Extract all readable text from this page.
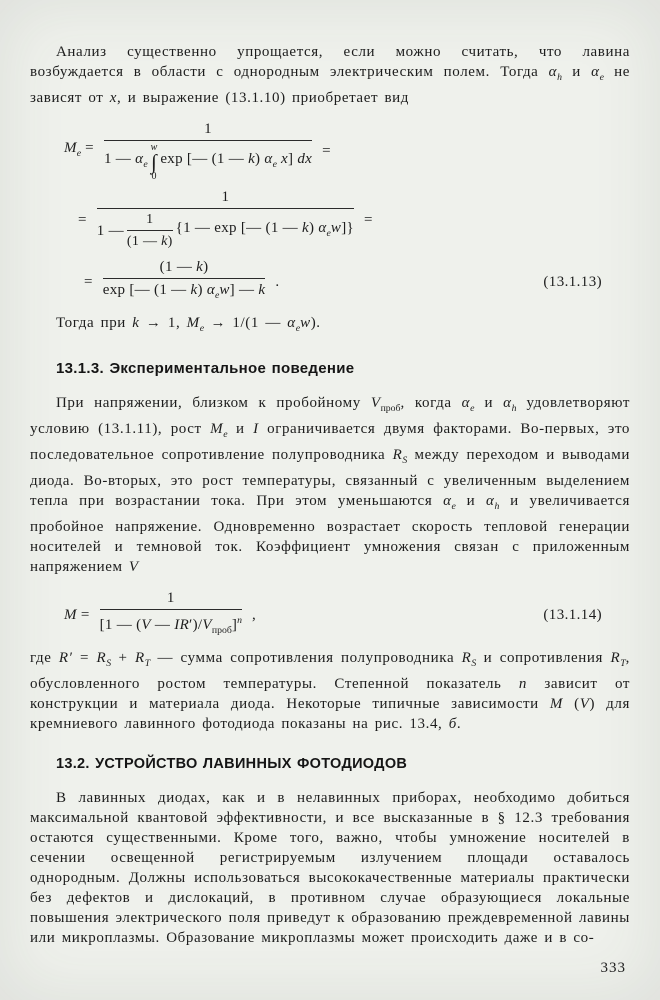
Анализ существенно упрощается, если можно считать, что лавина возбуждается в области с однородным электрическим полем. Тогда $\alpha_h$ и $\alpha_e$ не зависят от x, и выражение (13.1.10) приобретает вид

$M_e$ =
1
1 — $\alpha_e$
w
∫
0
exp [— (1 — k) $\alpha_e$ x] dx
=
=
1
1 — $\frac{1}{(1 — k)} \{1$ — exp [— (1 — k) $\alpha_ew$]}
=
= $\frac{(1 — k)}{\exp [— (1 — k) \alpha_ew] — k}$ .	(13.1.13)

Тогда при k → 1, $M_e \to 1/(1$ — $\alpha_ew$).

13.1.3. Экспериментальное поведение

При напряжении, близком к пробойному $V_{проб}$, когда $\alpha_e$ и $\alpha_h$ удовлетворяют условию (13.1.11), рост $M_e$ и I ограничивается двумя факторами. Во-первых, это последовательное сопротивление полупроводника $R_S$ между переходом и выводами диода. Во-вторых, это рост температуры, связанный с увеличенным выделением тепла при возрастании тока. При этом уменьшаются $\alpha_e$ и $\alpha_h$ и увеличивается пробойное напряжение. Одновременно возрастает скорость тепловой генерации носителей и темновой ток. Коэффициент умножения связан с приложенным напряжением V

$M = \frac{1}{[1 — (V — IR')/V_{проб}]^n}$ ,	(13.1.14)

где $R' = R_S + R_T$ — сумма сопротивления полупроводника $R_S$ и сопротивления $R_T$, обусловленного ростом температуры. Степенной показатель n зависит от конструкции и материала диода. Некоторые типичные зависимости M (V) для кремниевого лавинного фотодиода показаны на рис. 13.4, б.

13.2. УСТРОЙСТВО ЛАВИННЫХ ФОТОДИОДОВ

В лавинных диодах, как и в нелавинных приборах, необходимо добиться максимальной квантовой эффективности, и все высказанные в § 12.3 требования остаются существенными. Кроме того, важно, чтобы умножение носителей в сечении освещенной регистрируемым излучением площади оставалось однородным. Должны использоваться высококачественные материалы практически без дефектов и дислокаций, в противном случае образующиеся локальные повышения электрического поля приведут к образованию преждевременной лавины или микроплазмы. Образование микроплазмы может происходить даже и в со-

333
